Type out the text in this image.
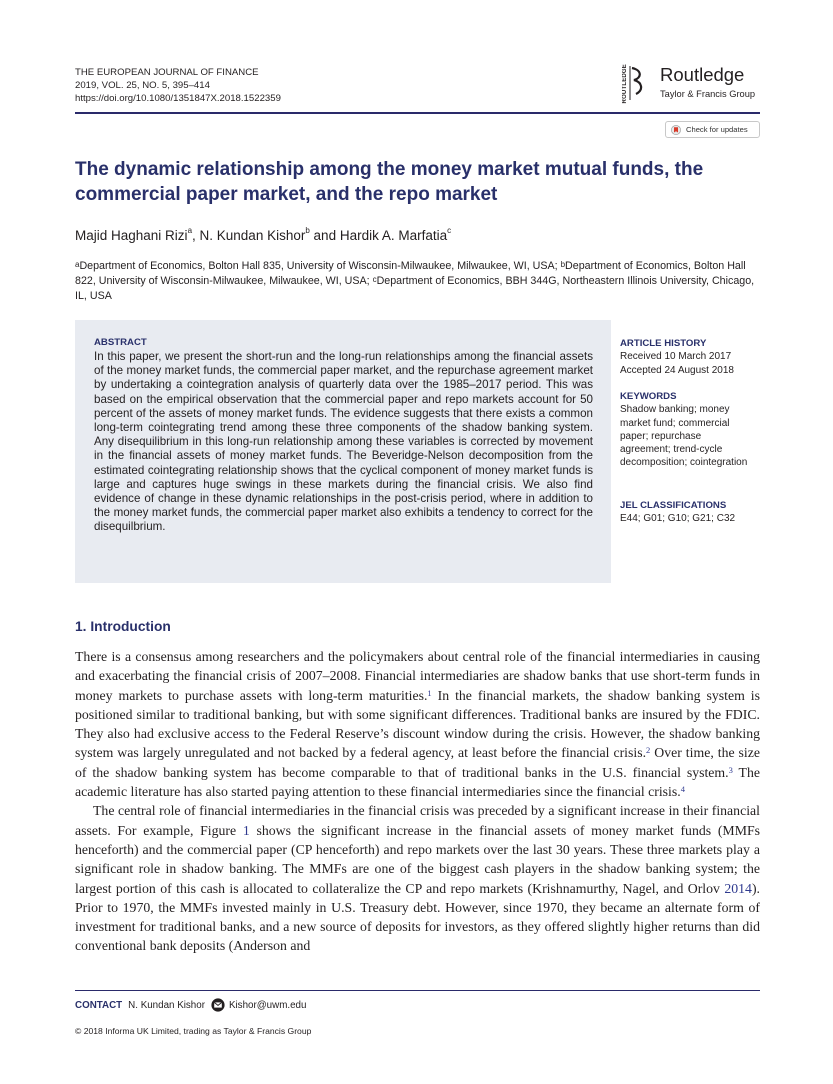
THE EUROPEAN JOURNAL OF FINANCE
2019, VOL. 25, NO. 5, 395–414
https://doi.org/10.1080/1351847X.2018.1522359	ROUTLEDGE Routledge
Taylor & Francis Group
Check for updates
The dynamic relationship among the money market mutual funds, the commercial paper market, and the repo market
Majid Haghani Rizi$^a$, N. Kundan Kishor$^b$ and Hardik A. Marfatia$^c$
$^a$Department of Economics, Bolton Hall 835, University of Wisconsin-Milwaukee, Milwaukee, WI, USA; $^b$Department of Economics, Bolton Hall 822, University of Wisconsin-Milwaukee, Milwaukee, WI, USA; $^c$Department of Economics, BBH 344G, Northeastern Illinois University, Chicago, IL, USA
ABSTRACT
In this paper, we present the short-run and the long-run relationships among the financial assets of the money market funds, the commercial paper market, and the repurchase agreement market by undertaking a cointegration analysis of quarterly data over the 1985–2017 period. This was based on the empirical observation that the commercial paper and repo markets account for 50 percent of the assets of money market funds. The evidence suggests that there exists a common long-term cointegrating trend among these three components of the shadow banking system. Any disequilibrium in this long-run relationship among these variables is corrected by movement in the financial assets of money market funds. The Beveridge-Nelson decomposition from the estimated cointegrating relationship shows that the cyclical component of money market funds is large and captures huge swings in these markets during the financial crisis. We also find evidence of change in these dynamic relationships in the post-crisis period, where in addition to the money market funds, the commercial paper market also exhibits a tendency to correct for the disequilbrium.
ARTICLE HISTORY
Received 10 March 2017
Accepted 24 August 2018
KEYWORDS
Shadow banking; money market fund; commercial paper; repurchase agreement; trend-cycle decomposition; cointegration
JEL CLASSIFICATIONS
E44; G01; G10; G21; C32
1. Introduction

There is a consensus among researchers and the policymakers about central role of the financial intermediaries in causing and exacerbating the financial crisis of 2007–2008. Financial intermediaries are shadow banks that use short-term funds in money markets to purchase assets with long-term maturities.$^1$ In the financial markets, the shadow banking system is positioned similar to traditional banking, but with some significant differences. Traditional banks are insured by the FDIC. They also had exclusive access to the Federal Reserve’s discount window during the crisis. However, the shadow banking system was largely unregulated and not backed by a federal agency, at least before the financial crisis.$^2$ Over time, the size of the shadow banking system has become comparable to that of traditional banks in the U.S. financial system.$^3$ The academic literature has also started paying attention to these financial intermediaries since the financial crisis.$^4$

The central role of financial intermediaries in the financial crisis was preceded by a significant increase in their financial assets. For example, Figure 1 shows the significant increase in the financial assets of money market funds (MMFs henceforth) and the commercial paper (CP henceforth) and repo markets over the last 30 years. These three markets play a significant role in shadow banking. The MMFs are one of the biggest cash players in the shadow banking system; the largest portion of this cash is allocated to collateralize the CP and repo markets (Krishnamurthy, Nagel, and Orlov 2014). Prior to 1970, the MMFs invested mainly in U.S. Treasury debt. However, since 1970, they became an alternate form of investment for traditional banks, and a new source of deposits for investors, as they offered slightly higher returns than did conventional bank deposits (Anderson and

CONTACT N. Kundan Kishor Kishor@uwm.edu
© 2018 Informa UK Limited, trading as Taylor & Francis Group
